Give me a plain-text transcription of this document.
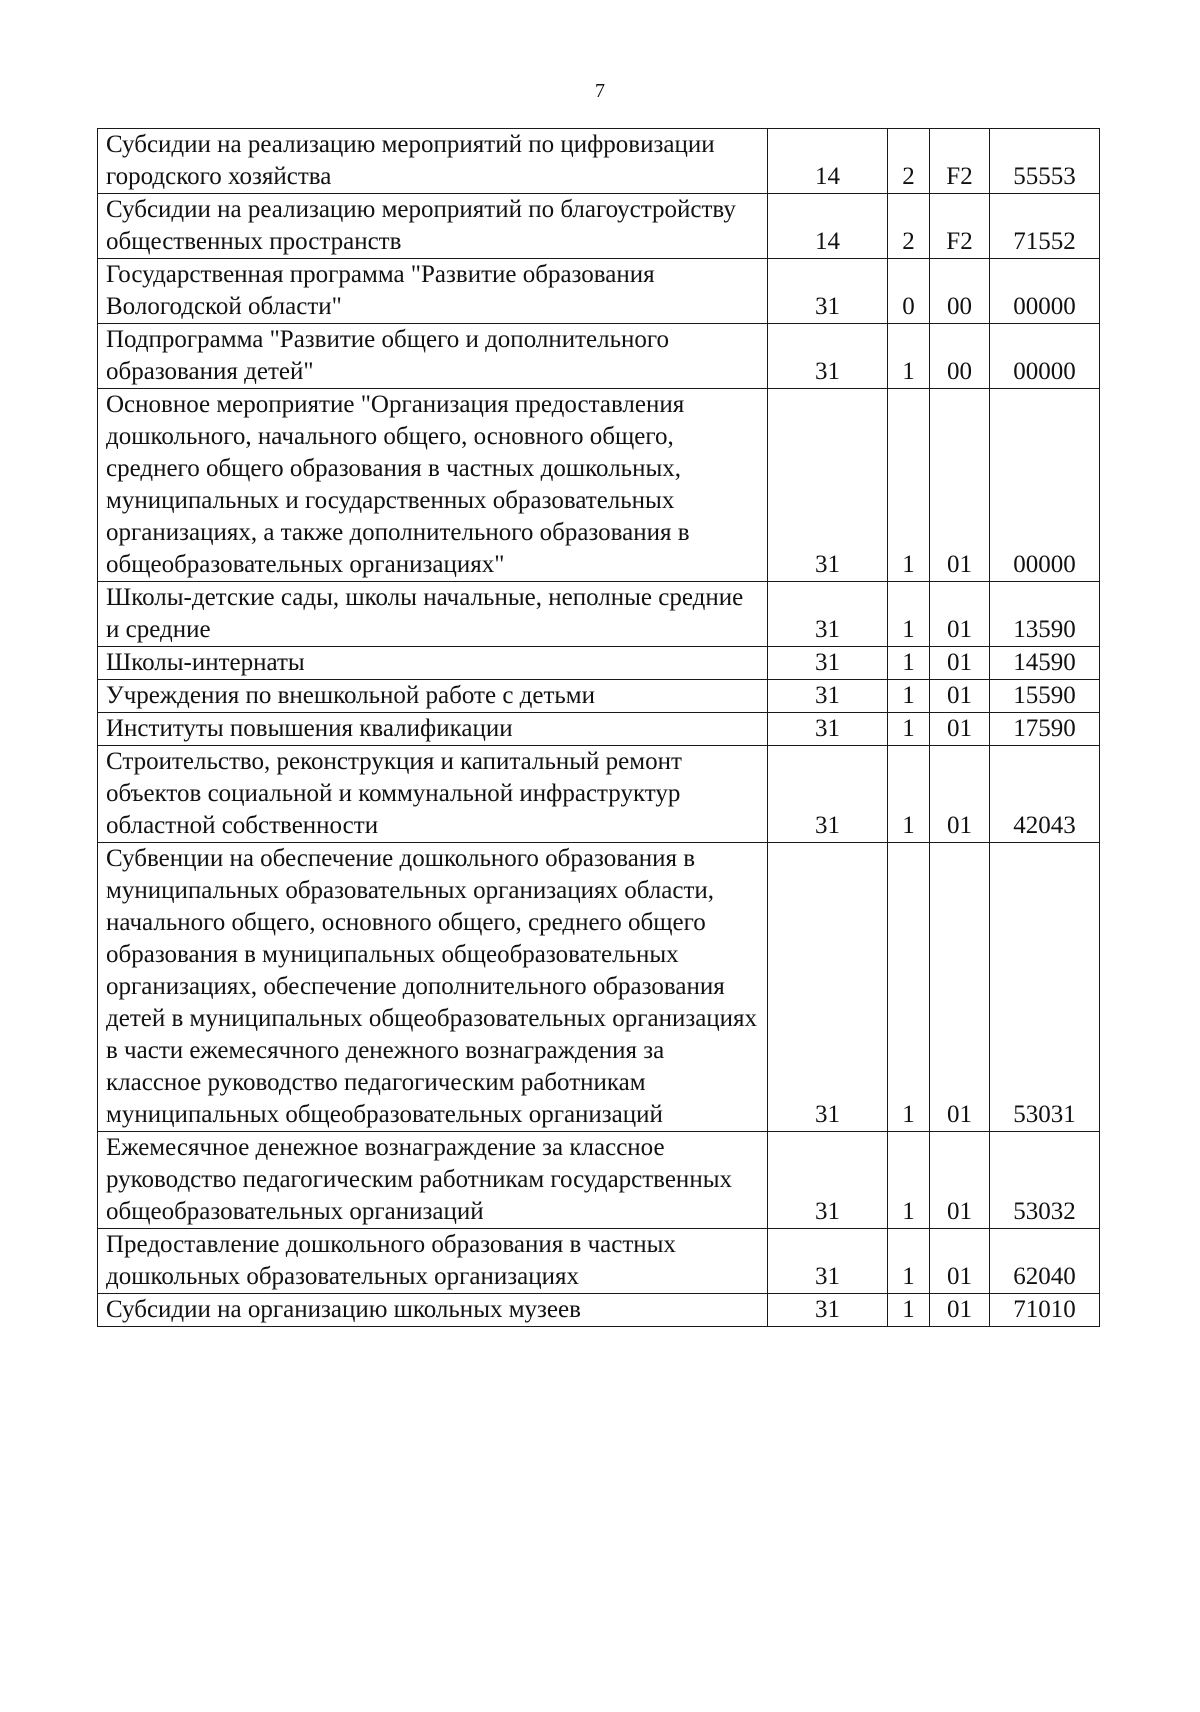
7
Субсидии на реализацию мероприятий по цифровизации городского хозяйства	14	2	F2	55553
Субсидии на реализацию мероприятий по благоустройству общественных пространств	14	2	F2	71552
Государственная программа "Развитие образования Вологодской области"	31	0	00	00000
Подпрограмма "Развитие общего и дополнительного образования детей"	31	1	00	00000
Основное мероприятие "Организация предоставления дошкольного, начального общего, основного общего, среднего общего образования в частных дошкольных, муниципальных и государственных образовательных организациях, а также дополнительного образования в общеобразовательных организациях"	31	1	01	00000
Школы-детские сады, школы начальные, неполные средние и средние	31	1	01	13590
Школы-интернаты	31	1	01	14590
Учреждения по внешкольной работе с детьми	31	1	01	15590
Институты повышения квалификации	31	1	01	17590
Строительство, реконструкция и капитальный ремонт объектов социальной и коммунальной инфраструктур областной собственности	31	1	01	42043
Субвенции на обеспечение дошкольного образования в муниципальных образовательных организациях области, начального общего, основного общего, среднего общего образования в муниципальных общеобразовательных организациях, обеспечение дополнительного образования детей в муниципальных общеобразовательных организациях в части ежемесячного денежного вознаграждения за классное руководство педагогическим работникам муниципальных общеобразовательных организаций	31	1	01	53031
Ежемесячное денежное вознаграждение за классное руководство педагогическим работникам государственных общеобразовательных организаций	31	1	01	53032
Предоставление дошкольного образования в частных дошкольных образовательных организациях	31	1	01	62040
Субсидии на организацию школьных музеев	31	1	01	71010
